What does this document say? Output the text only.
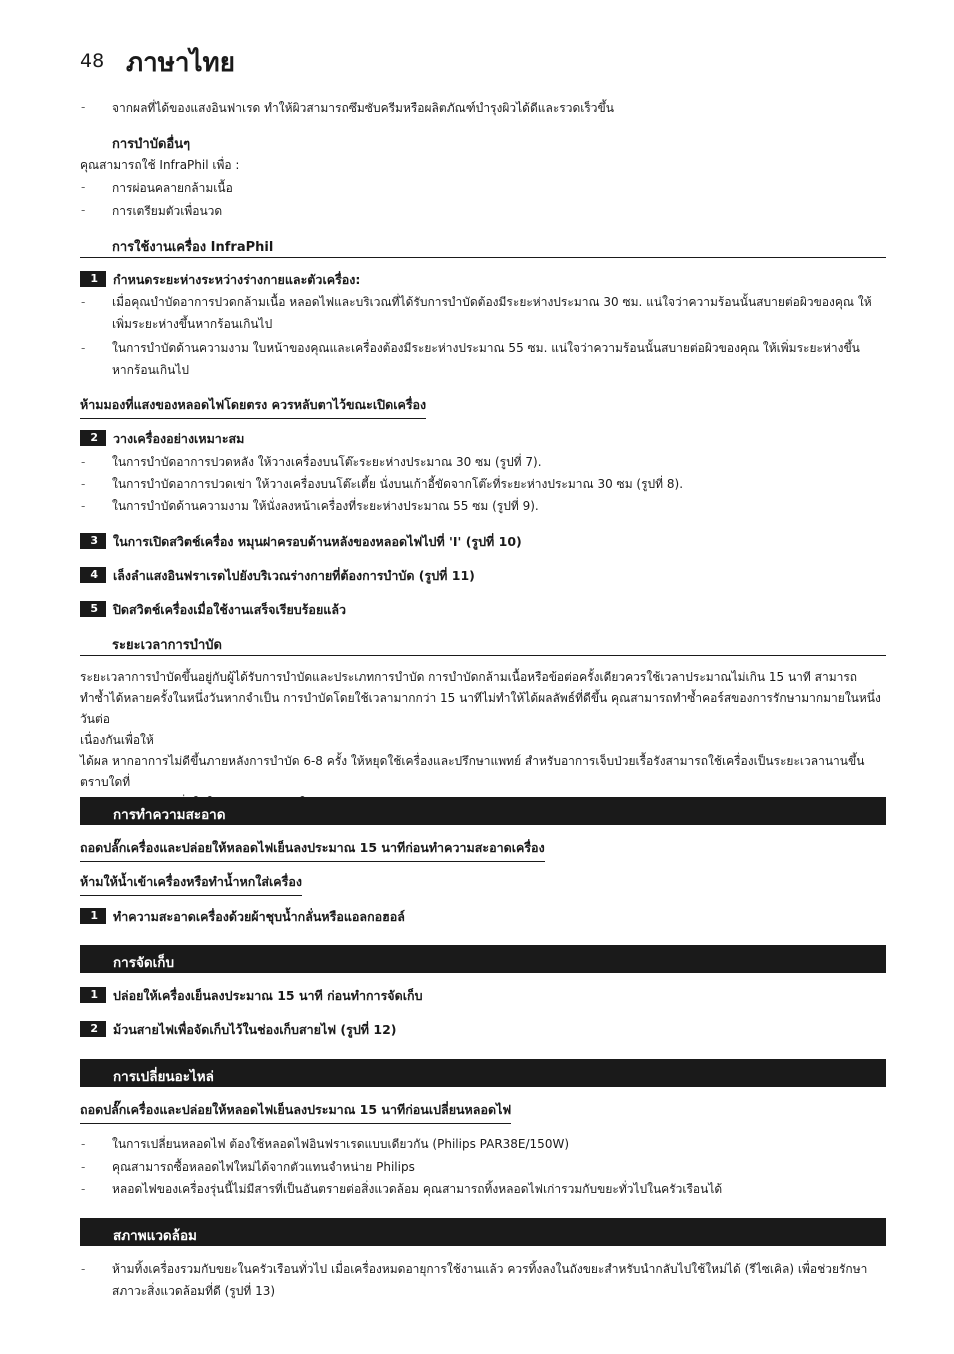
48 ภาษาไทย
- จากผลที่ได้ของแสงอินฟาเรด ทำให้ผิวสามารถซึมซับครีมหรือผลิตภัณฑ์บำรุงผิวได้ดีและรวดเร็วขึ้น
การบำบัดอื่นๆ
คุณสามารถใช้ InfraPhil เพื่อ :
- การผ่อนคลายกล้ามเนื้อ
- การเตรียมตัวเพื่อนวด
การใช้งานเครื่อง InfraPhil
1	กำหนดระยะห่างระหว่างร่างกายและตัวเครื่อง:
- เมื่อคุณบำบัดอาการปวดกล้ามเนื้อ หลอดไฟและบริเวณที่ได้รับการบำบัดต้องมีระยะห่างประมาณ 30 ซม. แน่ใจว่าความร้อนนั้นสบายต่อผิวของคุณ ให้เพิ่มระยะห่างขึ้นหากร้อนเกินไป
- ในการบำบัดด้านความงาม ใบหน้าของคุณและเครื่องต้องมีระยะห่างประมาณ 55 ซม. แน่ใจว่าความร้อนนั้นสบายต่อผิวของคุณ ให้เพิ่มระยะห่างขึ้นหากร้อนเกินไป
ห้ามมองที่แสงของหลอดไฟโดยตรง ควรหลับตาไว้ขณะเปิดเครื่อง
2	วางเครื่องอย่างเหมาะสม
- ในการบำบัดอาการปวดหลัง ให้วางเครื่องบนโต๊ะระยะห่างประมาณ 30 ซม (รูปที่ 7).
- ในการบำบัดอาการปวดเข่า ให้วางเครื่องบนโต๊ะเตี้ย นั่งบนเก้าอี้ขัดจากโต๊ะที่ระยะห่างประมาณ 30 ซม (รูปที่ 8).
- ในการบำบัดด้านความงาม ให้นั่งลงหน้าเครื่องที่ระยะห่างประมาณ 55 ซม (รูปที่ 9).
3	ในการเปิดสวิตช์เครื่อง หมุนฝาครอบด้านหลังของหลอดไฟไปที่ 'I' (รูปที่ 10)
4	เล็งลำแสงอินฟราเรดไปยังบริเวณร่างกายที่ต้องการบำบัด (รูปที่ 11)
5	ปิดสวิตช์เครื่องเมื่อใช้งานเสร็จเรียบร้อยแล้ว
ระยะเวลาการบำบัด
ระยะเวลาการบำบัดขึ้นอยู่กับผู้ได้รับการบำบัดและประเภทการบำบัด การบำบัดกล้ามเนื้อหรือข้อต่อครั้งเดียวควรใช้เวลาประมาณไม่เกิน 15 นาที สามารถ
ทำซ้ำได้หลายครั้งในหนึ่งวันหากจำเป็น การบำบัดโดยใช้เวลามากกว่า 15 นาทีไม่ทำให้ได้ผลลัพธ์ที่ดีขึ้น คุณสามารถทำซ้ำคอร์สของการรักษามากมายในหนึ่งวันต่อ
เนื่องกันเพื่อให้
ได้ผล หากอาการไม่ดีขึ้นภายหลังการบำบัด 6-8 ครั้ง ให้หยุดใช้เครื่องและปรึกษาแพทย์ สำหรับอาการเจ็บป่วยเรื้อรังสามารถใช้เครื่องเป็นระยะเวลานานขึ้นตราบใดที่
การทำความสะอาด
ถอดปลั๊กเครื่องและปล่อยให้หลอดไฟเย็นลงประมาณ 15 นาทีก่อนทำความสะอาดเครื่อง
ห้ามให้น้ำเข้าเครื่องหรือทำน้ำหกใส่เครื่อง
1	ทำความสะอาดเครื่องด้วยผ้าชุบน้ำกลั่นหรือแอลกอฮอล์
การจัดเก็บ
1	ปล่อยให้เครื่องเย็นลงประมาณ 15 นาที ก่อนทำการจัดเก็บ
2	ม้วนสายไฟเพื่อจัดเก็บไว้ในช่องเก็บสายไฟ (รูปที่ 12)
การเปลี่ยนอะไหล่
ถอดปลั๊กเครื่องและปล่อยให้หลอดไฟเย็นลงประมาณ 15 นาทีก่อนเปลี่ยนหลอดไฟ
- ในการเปลี่ยนหลอดไฟ ต้องใช้หลอดไฟอินฟราเรดแบบเดียวกัน (Philips PAR38E/150W)
- คุณสามารถซื้อหลอดไฟใหม่ได้จากตัวแทนจำหน่าย Philips
- หลอดไฟของเครื่องรุ่นนี้ไม่มีสารที่เป็นอันตรายต่อสิ่งแวดล้อม คุณสามารถทิ้งหลอดไฟเก่ารวมกับขยะทั่วไปในครัวเรือนได้
สภาพแวดล้อม
- ห้ามทิ้งเครื่องรวมกับขยะในครัวเรือนทั่วไป เมื่อเครื่องหมดอายุการใช้งานแล้ว ควรทิ้งลงในถังขยะสำหรับนำกลับไปใช้ใหม่ได้ (รีไซเคิล) เพื่อช่วยรักษาสภาวะสิ่งแวดล้อมที่ดี (รูปที่ 13)
